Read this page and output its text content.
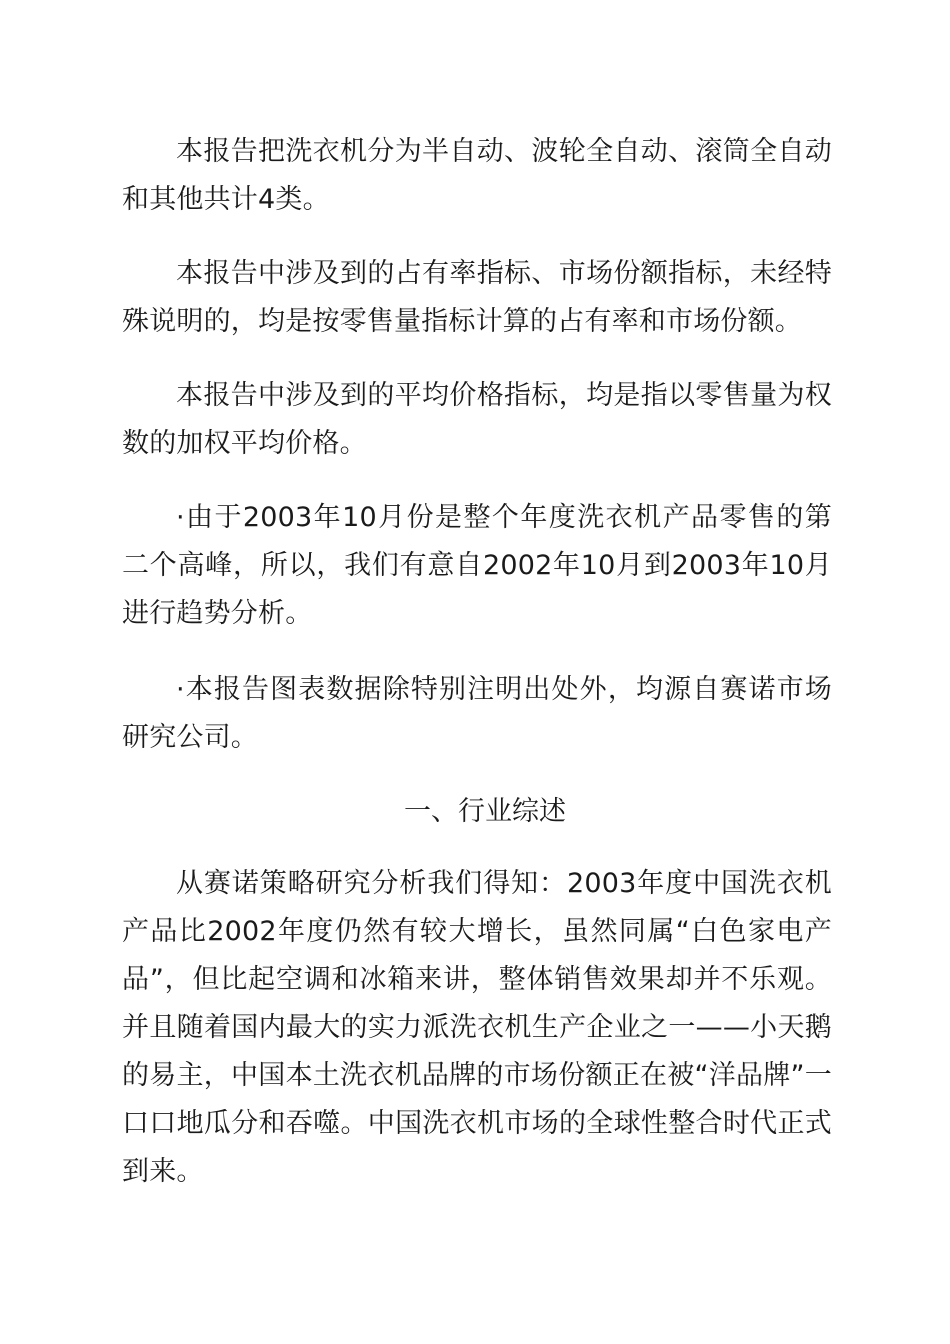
本报告把洗衣机分为半自动、波轮全自动、滚筒全自动和其他共计4类。

本报告中涉及到的占有率指标、市场份额指标，未经特殊说明的，均是按零售量指标计算的占有率和市场份额。

本报告中涉及到的平均价格指标，均是指以零售量为权数的加权平均价格。

·由于2003年10月份是整个年度洗衣机产品零售的第二个高峰，所以，我们有意自2002年10月到2003年10月进行趋势分析。

·本报告图表数据除特别注明出处外，均源自赛诺市场研究公司。

一、行业综述

从赛诺策略研究分析我们得知：2003年度中国洗衣机产品比2002年度仍然有较大增长，虽然同属“白色家电产品”，但比起空调和冰箱来讲，整体销售效果却并不乐观。并且随着国内最大的实力派洗衣机生产企业之一——小天鹅的易主，中国本土洗衣机品牌的市场份额正在被“洋品牌”一口口地瓜分和吞噬。中国洗衣机市场的全球性整合时代正式到来。
